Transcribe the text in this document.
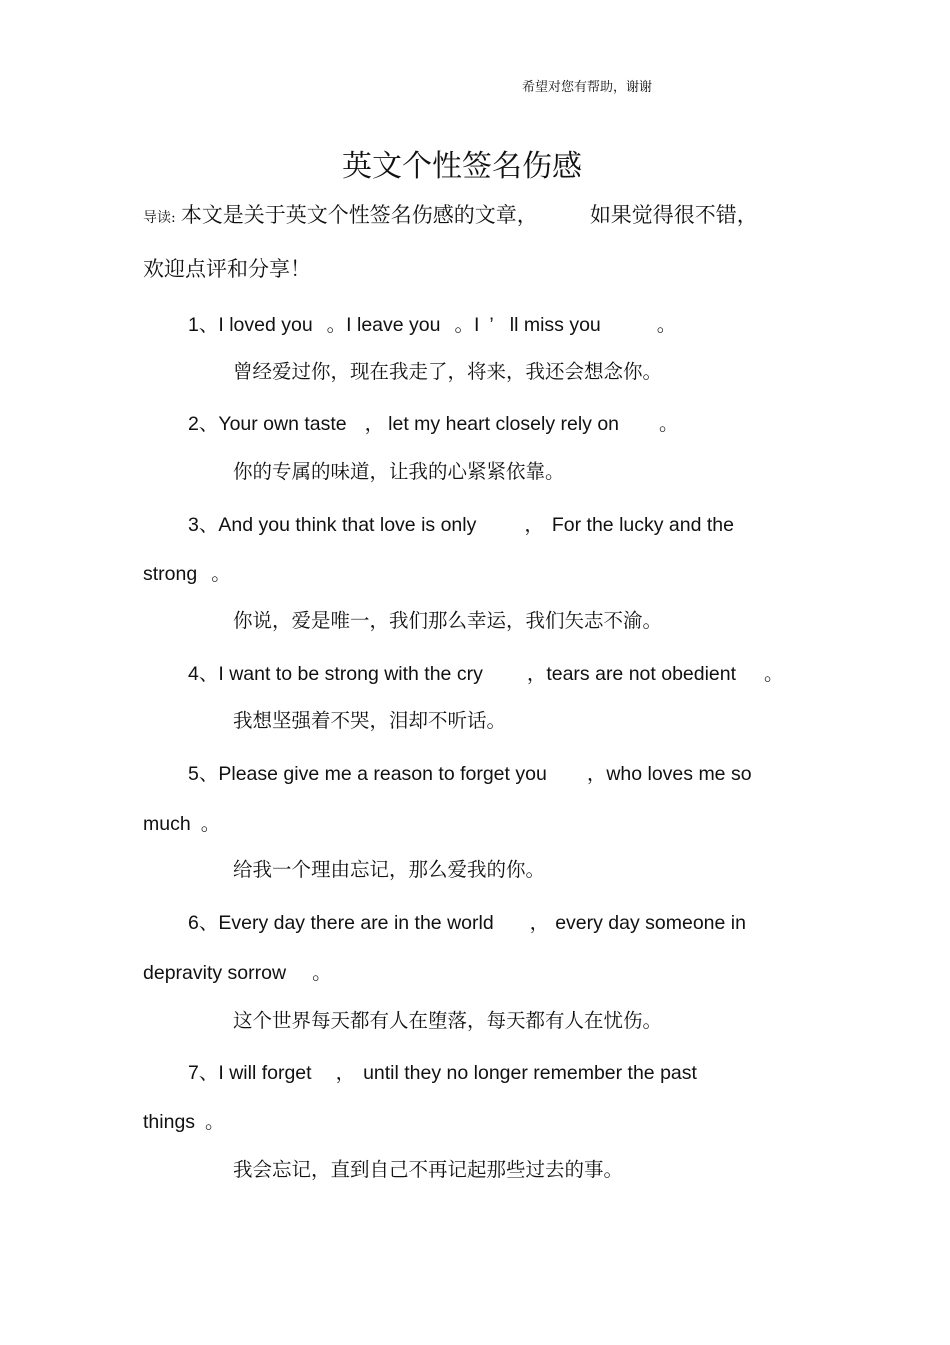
希望对您有帮助，谢谢
英文个性签名伤感
导读: 本文是关于英文个性签名伤感的文章， 如果觉得很不错，
欢迎点评和分享！
1、I loved you 。I leave you 。I ’ ll miss you	。
曾经爱过你，现在我走了，将来，我还会想念你。
2、Your own taste ， let my heart closely rely on 。
你的专属的味道，让我的心紧紧依靠。
3、And you think that love is only ， For the lucky and the
strong 。
你说，爱是唯一，我们那么幸运，我们矢志不渝。
4、I want to be strong with the cry ，tears are not obedient 。
我想坚强着不哭，泪却不听话。
5、Please give me a reason to forget you ，who loves me so
much 。
给我一个理由忘记，那么爱我的你。
6、Every day there are in the world ， every day someone in
depravity sorrow 。
这个世界每天都有人在堕落，每天都有人在忧伤。
7、I will forget ， until they no longer remember the past
things 。
我会忘记，直到自己不再记起那些过去的事。
